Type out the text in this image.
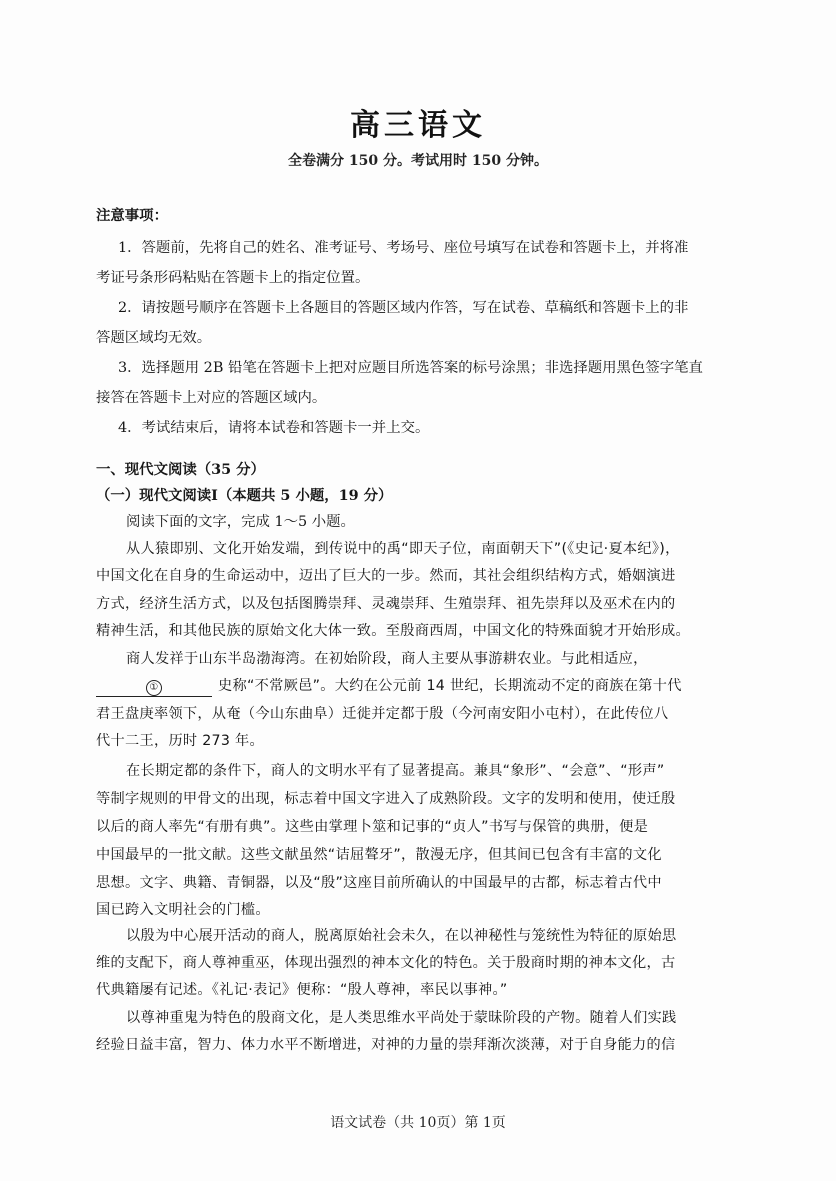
高三语文
全卷满分 150 分。考试用时 150 分钟。
注意事项：
1．答题前，先将自己的姓名、准考证号、考场号、座位号填写在试卷和答题卡上，并将准
考证号条形码粘贴在答题卡上的指定位置。
2．请按题号顺序在答题卡上各题目的答题区域内作答，写在试卷、草稿纸和答题卡上的非
答题区域均无效。
3．选择题用 2B 铅笔在答题卡上把对应题目所选答案的标号涂黑；非选择题用黑色签字笔直
接答在答题卡上对应的答题区域内。
4．考试结束后，请将本试卷和答题卡一并上交。
一、现代文阅读（35 分）
（一）现代文阅读Ⅰ（本题共 5 小题，19 分）
阅读下面的文字，完成 1～5 小题。
从人猿即别、文化开始发端，到传说中的禹“即天子位，南面朝天下”(《史记·夏本纪》)，
中国文化在自身的生命运动中，迈出了巨大的一步。然而，其社会组织结构方式，婚姻演进
方式，经济生活方式，以及包括图腾崇拜、灵魂崇拜、生殖崇拜、祖先崇拜以及巫术在内的
精神生活，和其他民族的原始文化大体一致。至殷商西周，中国文化的特殊面貌才开始形成。
商人发祥于山东半岛渤海湾。在初始阶段，商人主要从事游耕农业。与此相适应，
①	史称“不常厥邑”。大约在公元前 14 世纪，长期流动不定的商族在第十代
君王盘庚率领下，从奄（今山东曲阜）迁徙并定都于殷（今河南安阳小屯村），在此传位八
代十二王，历时 273 年。
在长期定都的条件下，商人的文明水平有了显著提高。兼具“象形”、“会意”、“形声”
等制字规则的甲骨文的出现，标志着中国文字进入了成熟阶段。文字的发明和使用，使迁殷
以后的商人率先“有册有典”。这些由掌理卜筮和记事的“贞人”书写与保管的典册，便是
中国最早的一批文献。这些文献虽然“诘屈聱牙”，散漫无序，但其间已包含有丰富的文化
思想。文字、典籍、青铜器，以及“殷”这座目前所确认的中国最早的古都，标志着古代中
国已跨入文明社会的门槛。
以殷为中心展开活动的商人，脱离原始社会未久，在以神秘性与笼统性为特征的原始思
维的支配下，商人尊神重巫，体现出强烈的神本文化的特色。关于殷商时期的神本文化，古
代典籍屡有记述。《礼记·表记》便称：“殷人尊神，率民以事神。”
以尊神重鬼为特色的殷商文化，是人类思维水平尚处于蒙昧阶段的产物。随着人们实践
经验日益丰富，智力、体力水平不断增进，对神的力量的崇拜渐次淡薄，对于自身能力的信
语文试卷（共 10页）第 1页
